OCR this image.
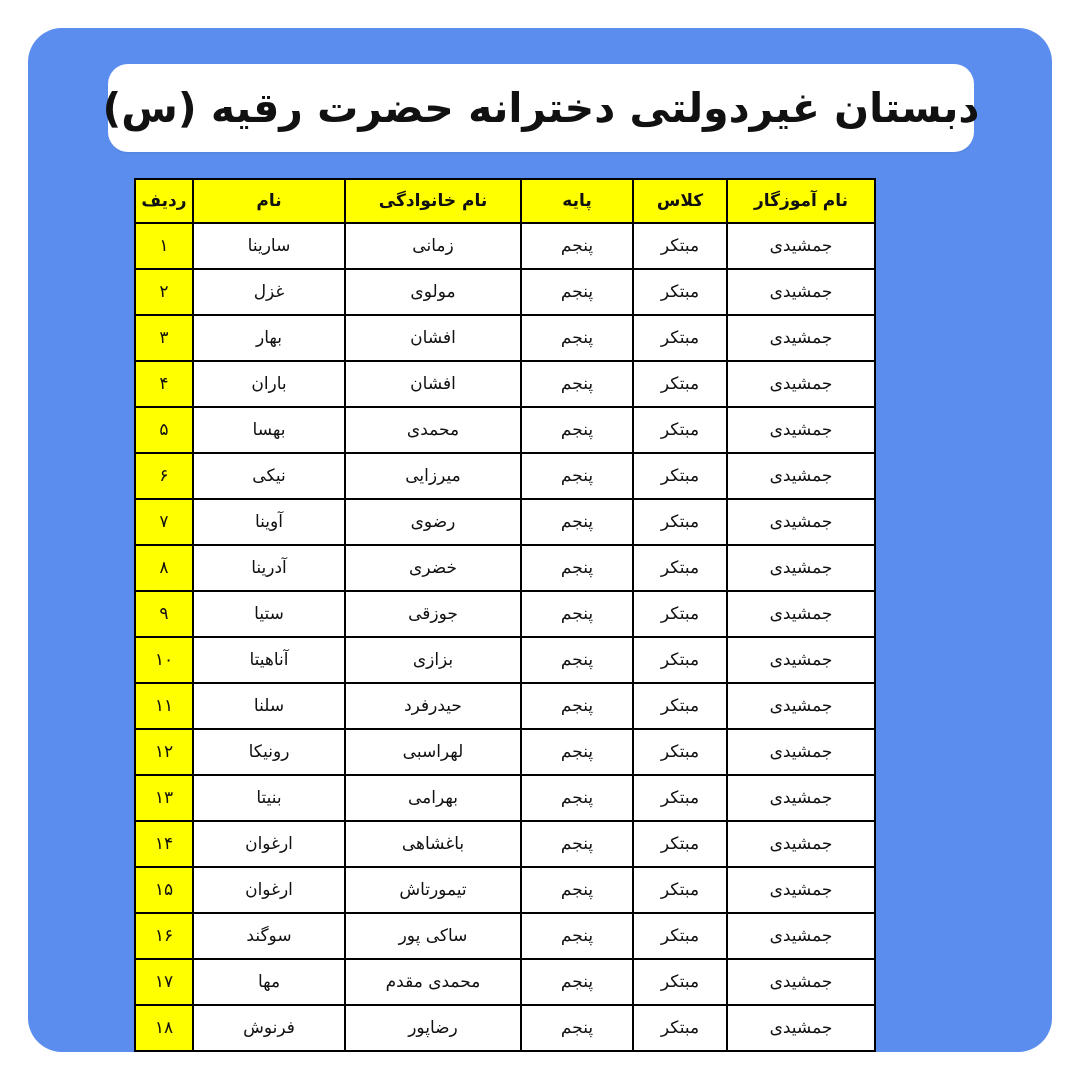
دبستان غیردولتی دخترانه حضرت رقیه (س)
نام آموزگار	کلاس	پایه	نام خانوادگی	نام	ردیف
جمشیدی	مبتکر	پنجم	زمانی	سارینا	۱
جمشیدی	مبتکر	پنجم	مولوی	غزل	۲
جمشیدی	مبتکر	پنجم	افشان	بهار	۳
جمشیدی	مبتکر	پنجم	افشان	باران	۴
جمشیدی	مبتکر	پنجم	محمدی	بهسا	۵
جمشیدی	مبتکر	پنجم	میرزایی	نیکی	۶
جمشیدی	مبتکر	پنجم	رضوی	آوینا	۷
جمشیدی	مبتکر	پنجم	خضری	آدرینا	۸
جمشیدی	مبتکر	پنجم	جوزقی	ستیا	۹
جمشیدی	مبتکر	پنجم	بزازی	آناهیتا	۱۰
جمشیدی	مبتکر	پنجم	حیدرفرد	سلنا	۱۱
جمشیدی	مبتکر	پنجم	لهراسبی	رونیکا	۱۲
جمشیدی	مبتکر	پنجم	بهرامی	بنیتا	۱۳
جمشیدی	مبتکر	پنجم	باغشاهی	ارغوان	۱۴
جمشیدی	مبتکر	پنجم	تیمورتاش	ارغوان	۱۵
جمشیدی	مبتکر	پنجم	ساکی پور	سوگند	۱۶
جمشیدی	مبتکر	پنجم	محمدی مقدم	مها	۱۷
جمشیدی	مبتکر	پنجم	رضاپور	فرنوش	۱۸
